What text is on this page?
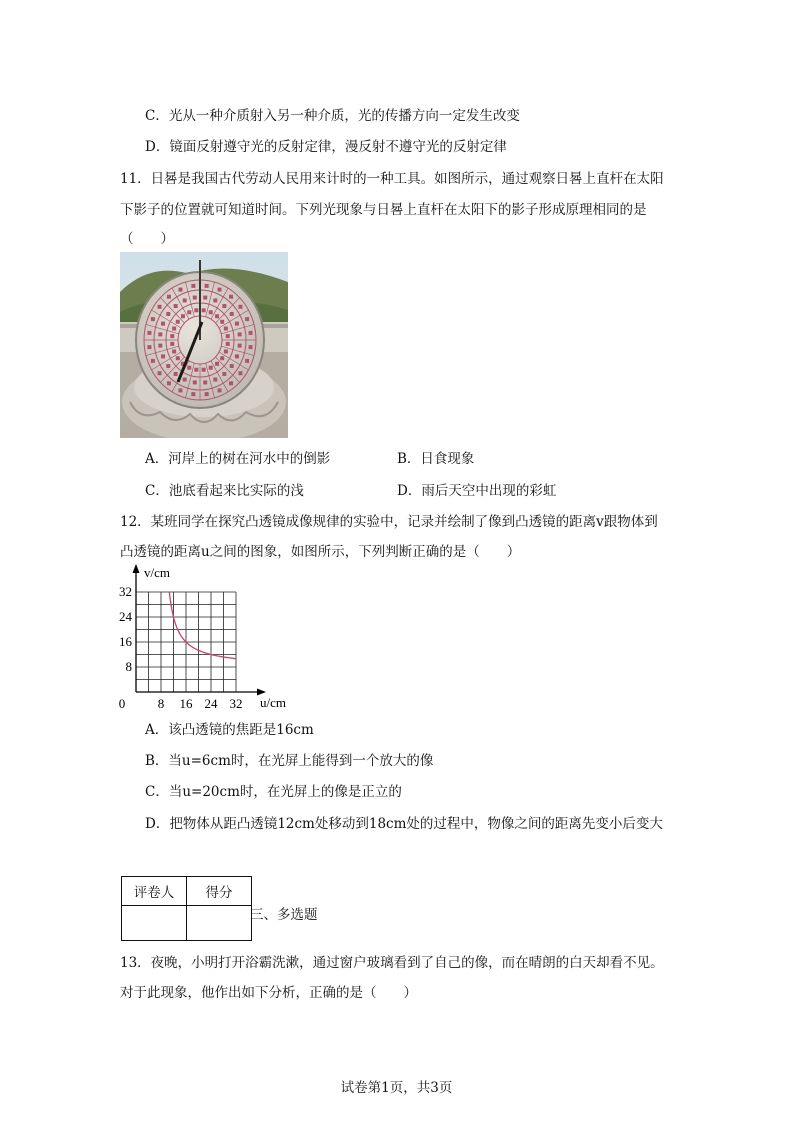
C．光从一种介质射入另一种介质，光的传播方向一定发生改变
D．镜面反射遵守光的反射定律，漫反射不遵守光的反射定律
11．日晷是我国古代劳动人民用来计时的一种工具。如图所示，通过观察日晷上直杆在太阳
下影子的位置就可知道时间。下列光现象与日晷上直杆在太阳下的影子形成原理相同的是
（　　）
A．河岸上的树在河水中的倒影	B．日食现象
C．池底看起来比实际的浅	D．雨后天空中出现的彩虹
12．某班同学在探究凸透镜成像规律的实验中，记录并绘制了像到凸透镜的距离v跟物体到
凸透镜的距离u之间的图象，如图所示，下列判断正确的是（　　）
v/cm
u/cm
0	8 16 24 32
8
16
24
32
A．该凸透镜的焦距是16cm
B．当u=6cm时，在光屏上能得到一个放大的像
C．当u=20cm时，在光屏上的像是正立的
D．把物体从距凸透镜12cm处移动到18cm处的过程中，物像之间的距离先变小后变大
评卷人	得分

三、多选题
13．夜晚，小明打开浴霸洗漱，通过窗户玻璃看到了自己的像，而在晴朗的白天却看不见。
对于此现象，他作出如下分析，正确的是（　　）
试卷第1页，共3页
